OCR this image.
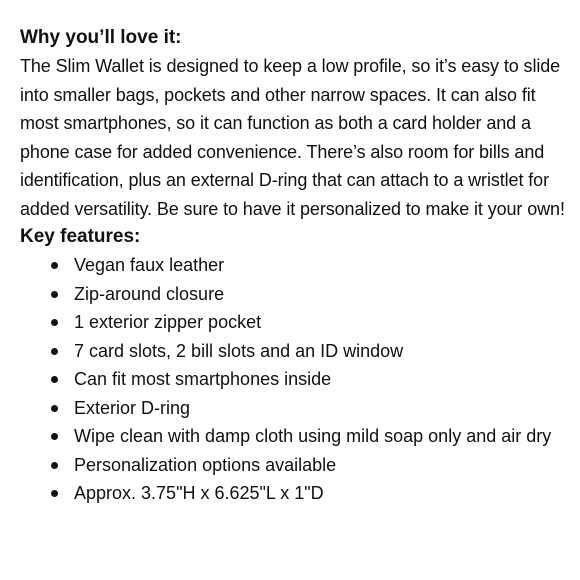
Why you’ll love it:

The Slim Wallet is designed to keep a low profile, so it’s easy to slide into smaller bags, pockets and other narrow spaces. It can also fit most smartphones, so it can function as both a card holder and a phone case for added convenience. There’s also room for bills and identification, plus an external D-ring that can attach to a wristlet for added versatility. Be sure to have it personalized to make it your own!

Key features:
Vegan faux leather
Zip-around closure
1 exterior zipper pocket
7 card slots, 2 bill slots and an ID window
Can fit most smartphones inside
Exterior D-ring
Wipe clean with damp cloth using mild soap only and air dry
Personalization options available
Approx. 3.75"H x 6.625"L x 1"D
